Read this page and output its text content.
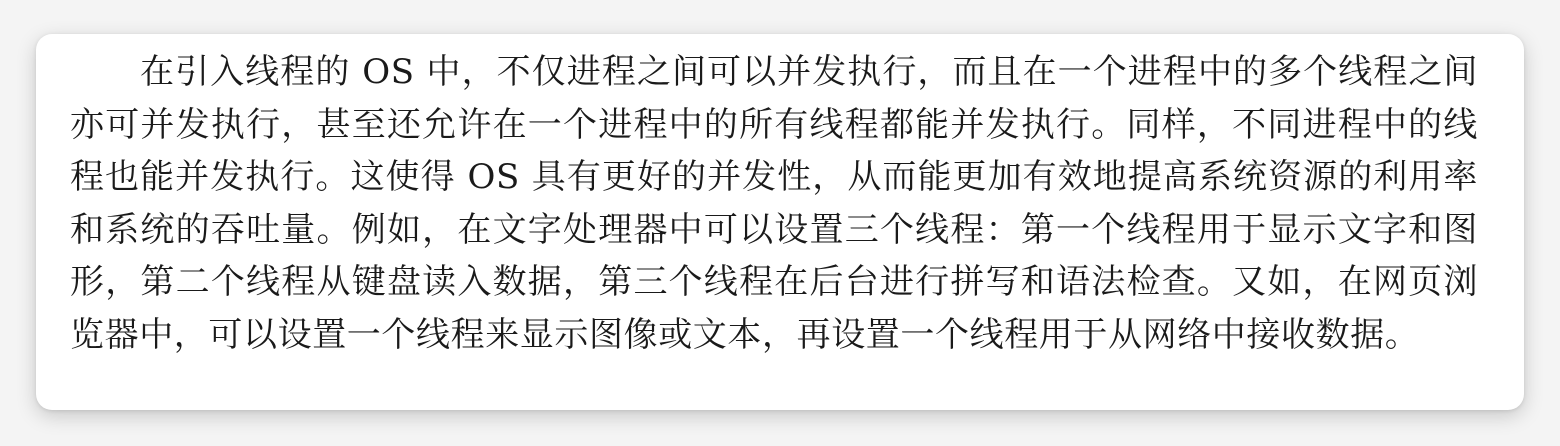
在引入线程的 OS 中，不仅进程之间可以并发执行，而且在一个进程中的多个线程之间亦可并发执行，甚至还允许在一个进程中的所有线程都能并发执行。同样，不同进程中的线程也能并发执行。这使得 OS 具有更好的并发性，从而能更加有效地提高系统资源的利用率和系统的吞吐量。例如，在文字处理器中可以设置三个线程：第一个线程用于显示文字和图形，第二个线程从键盘读入数据，第三个线程在后台进行拼写和语法检查。又如，在网页浏览器中，可以设置一个线程来显示图像或文本，再设置一个线程用于从网络中接收数据。
